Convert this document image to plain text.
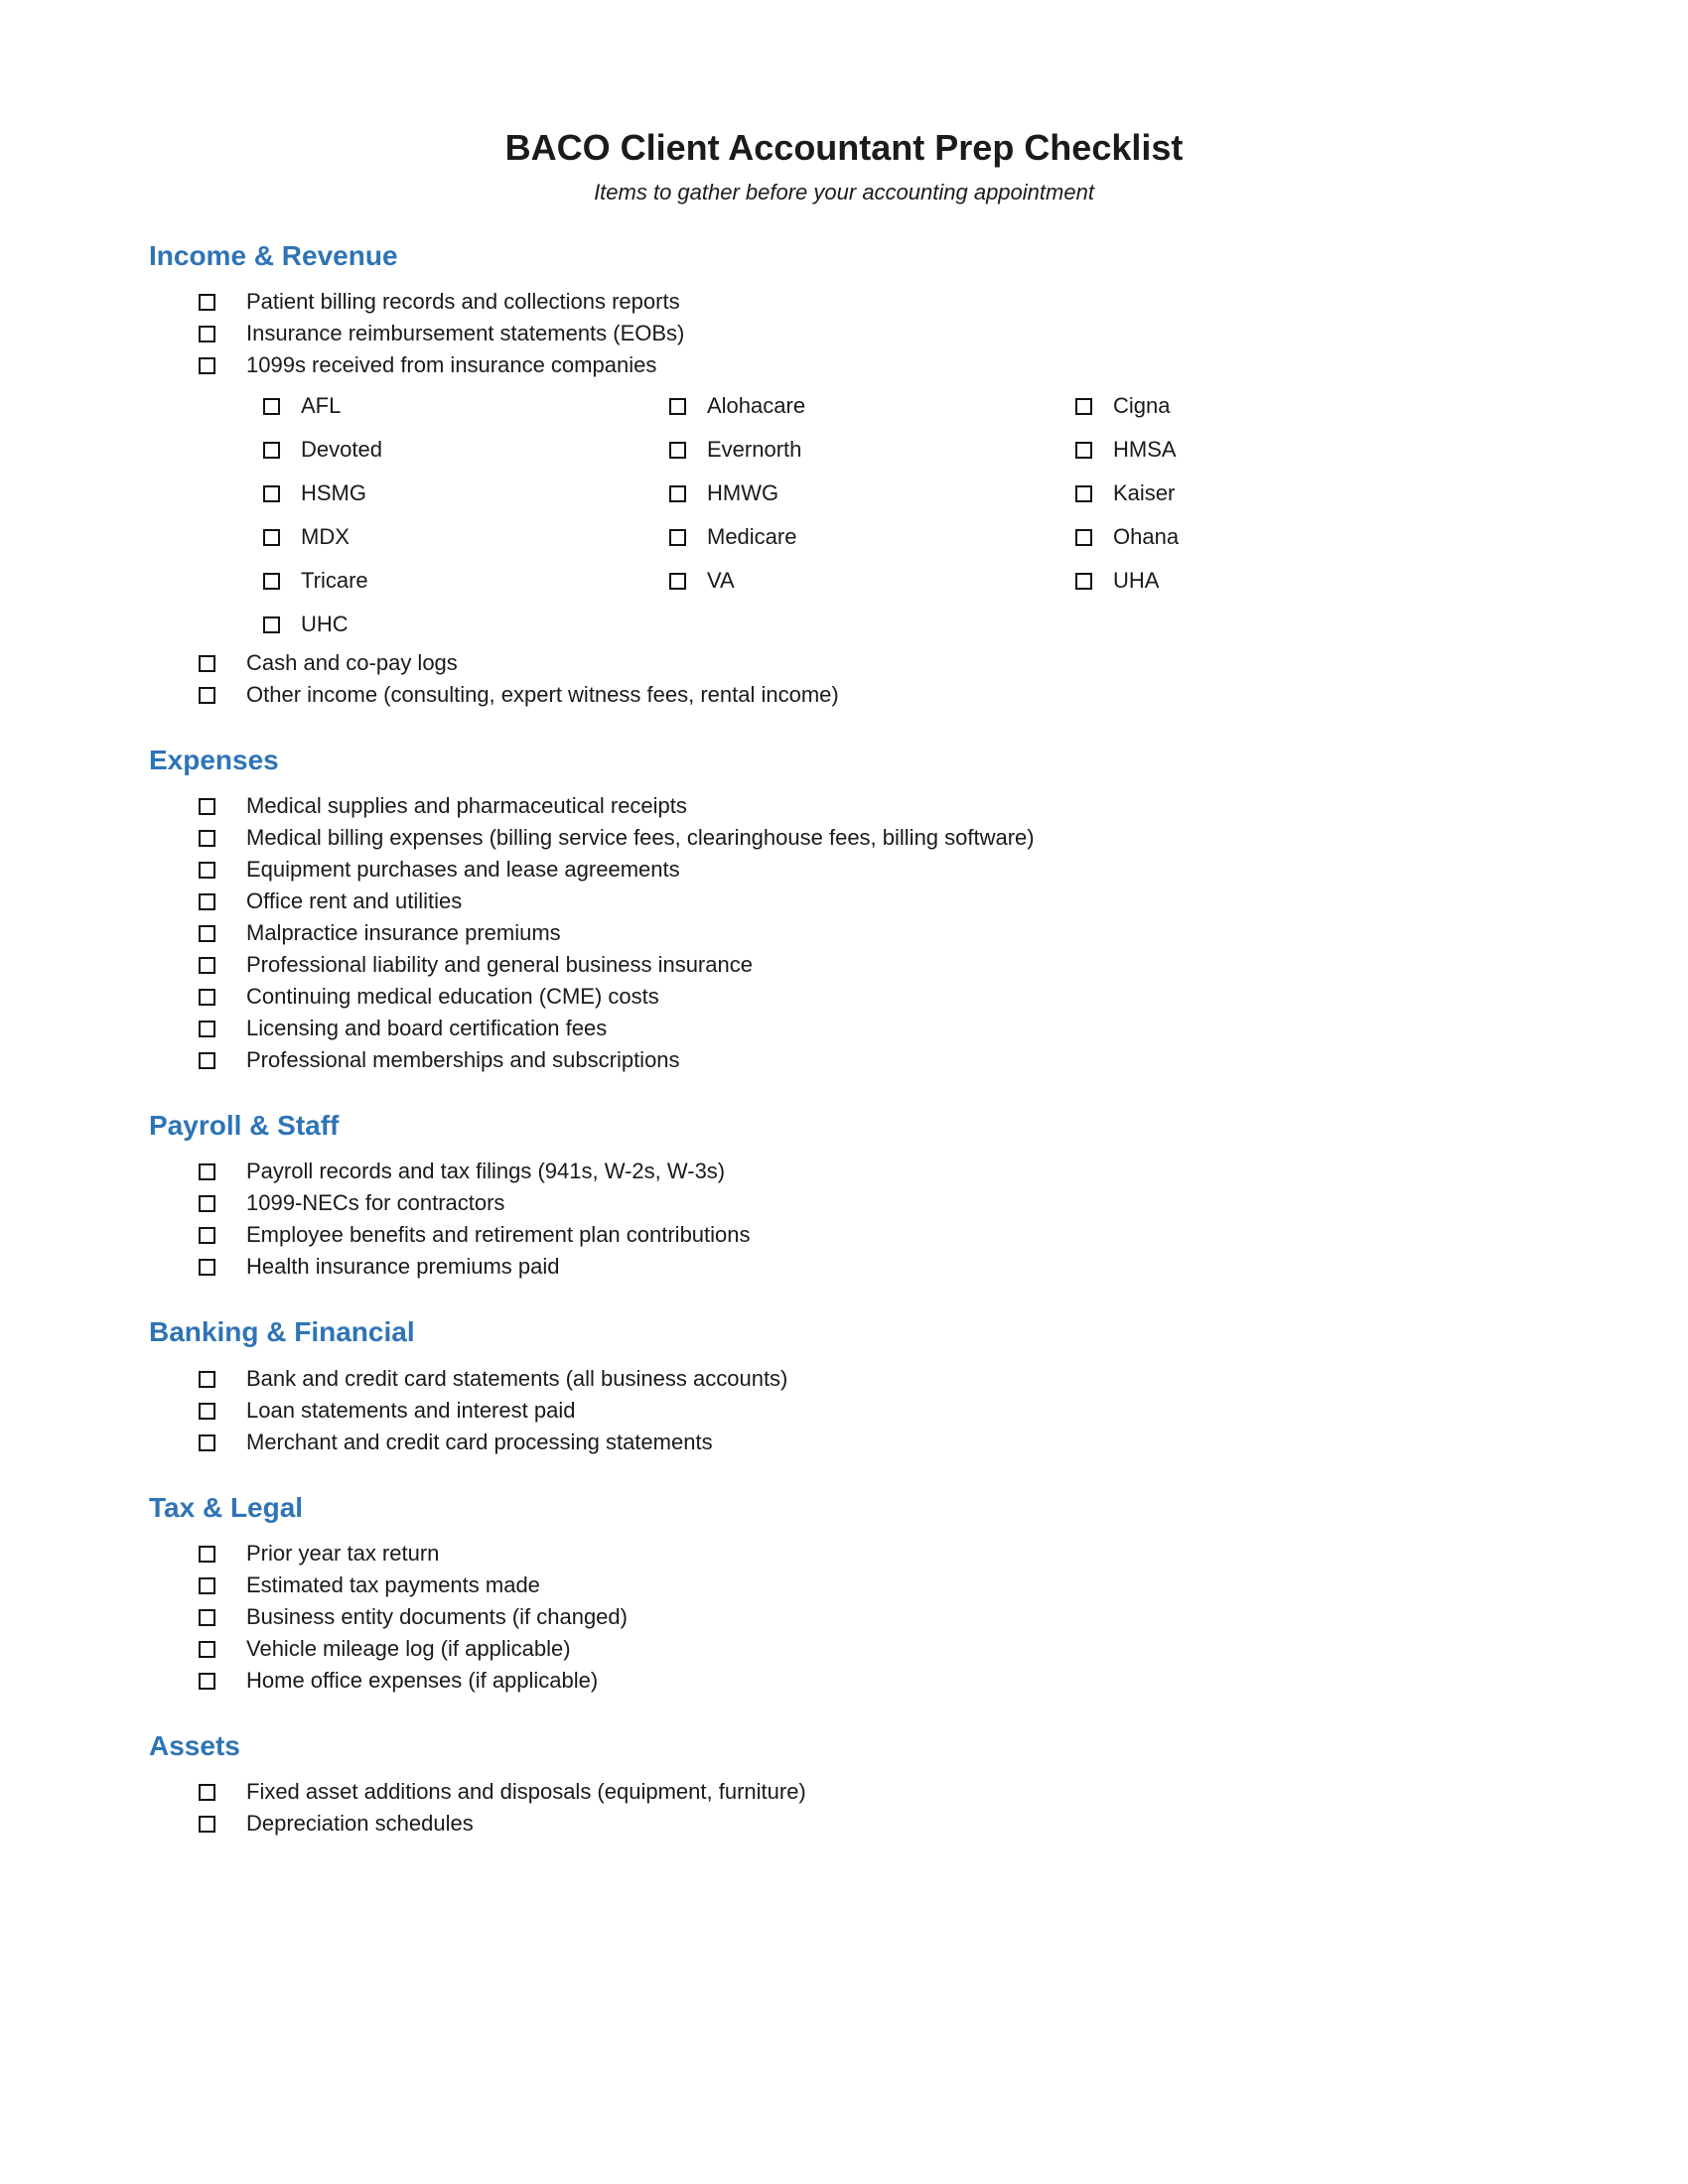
BACO Client Accountant Prep Checklist

Items to gather before your accounting appointment

Income & Revenue
Patient billing records and collections reports
Insurance reimbursement statements (EOBs)
1099s received from insurance companies
AFL	Alohacare	Cigna
Devoted	Evernorth	HMSA
HSMG	HMWG	Kaiser
MDX	Medicare	Ohana
Tricare	VA	UHA
UHC
Cash and co-pay logs
Other income (consulting, expert witness fees, rental income)
Expenses
Medical supplies and pharmaceutical receipts
Medical billing expenses (billing service fees, clearinghouse fees, billing software)
Equipment purchases and lease agreements
Office rent and utilities
Malpractice insurance premiums
Professional liability and general business insurance
Continuing medical education (CME) costs
Licensing and board certification fees
Professional memberships and subscriptions
Payroll & Staff
Payroll records and tax filings (941s, W-2s, W-3s)
1099-NECs for contractors
Employee benefits and retirement plan contributions
Health insurance premiums paid
Banking & Financial
Bank and credit card statements (all business accounts)
Loan statements and interest paid
Merchant and credit card processing statements
Tax & Legal
Prior year tax return
Estimated tax payments made
Business entity documents (if changed)
Vehicle mileage log (if applicable)
Home office expenses (if applicable)
Assets
Fixed asset additions and disposals (equipment, furniture)
Depreciation schedules
